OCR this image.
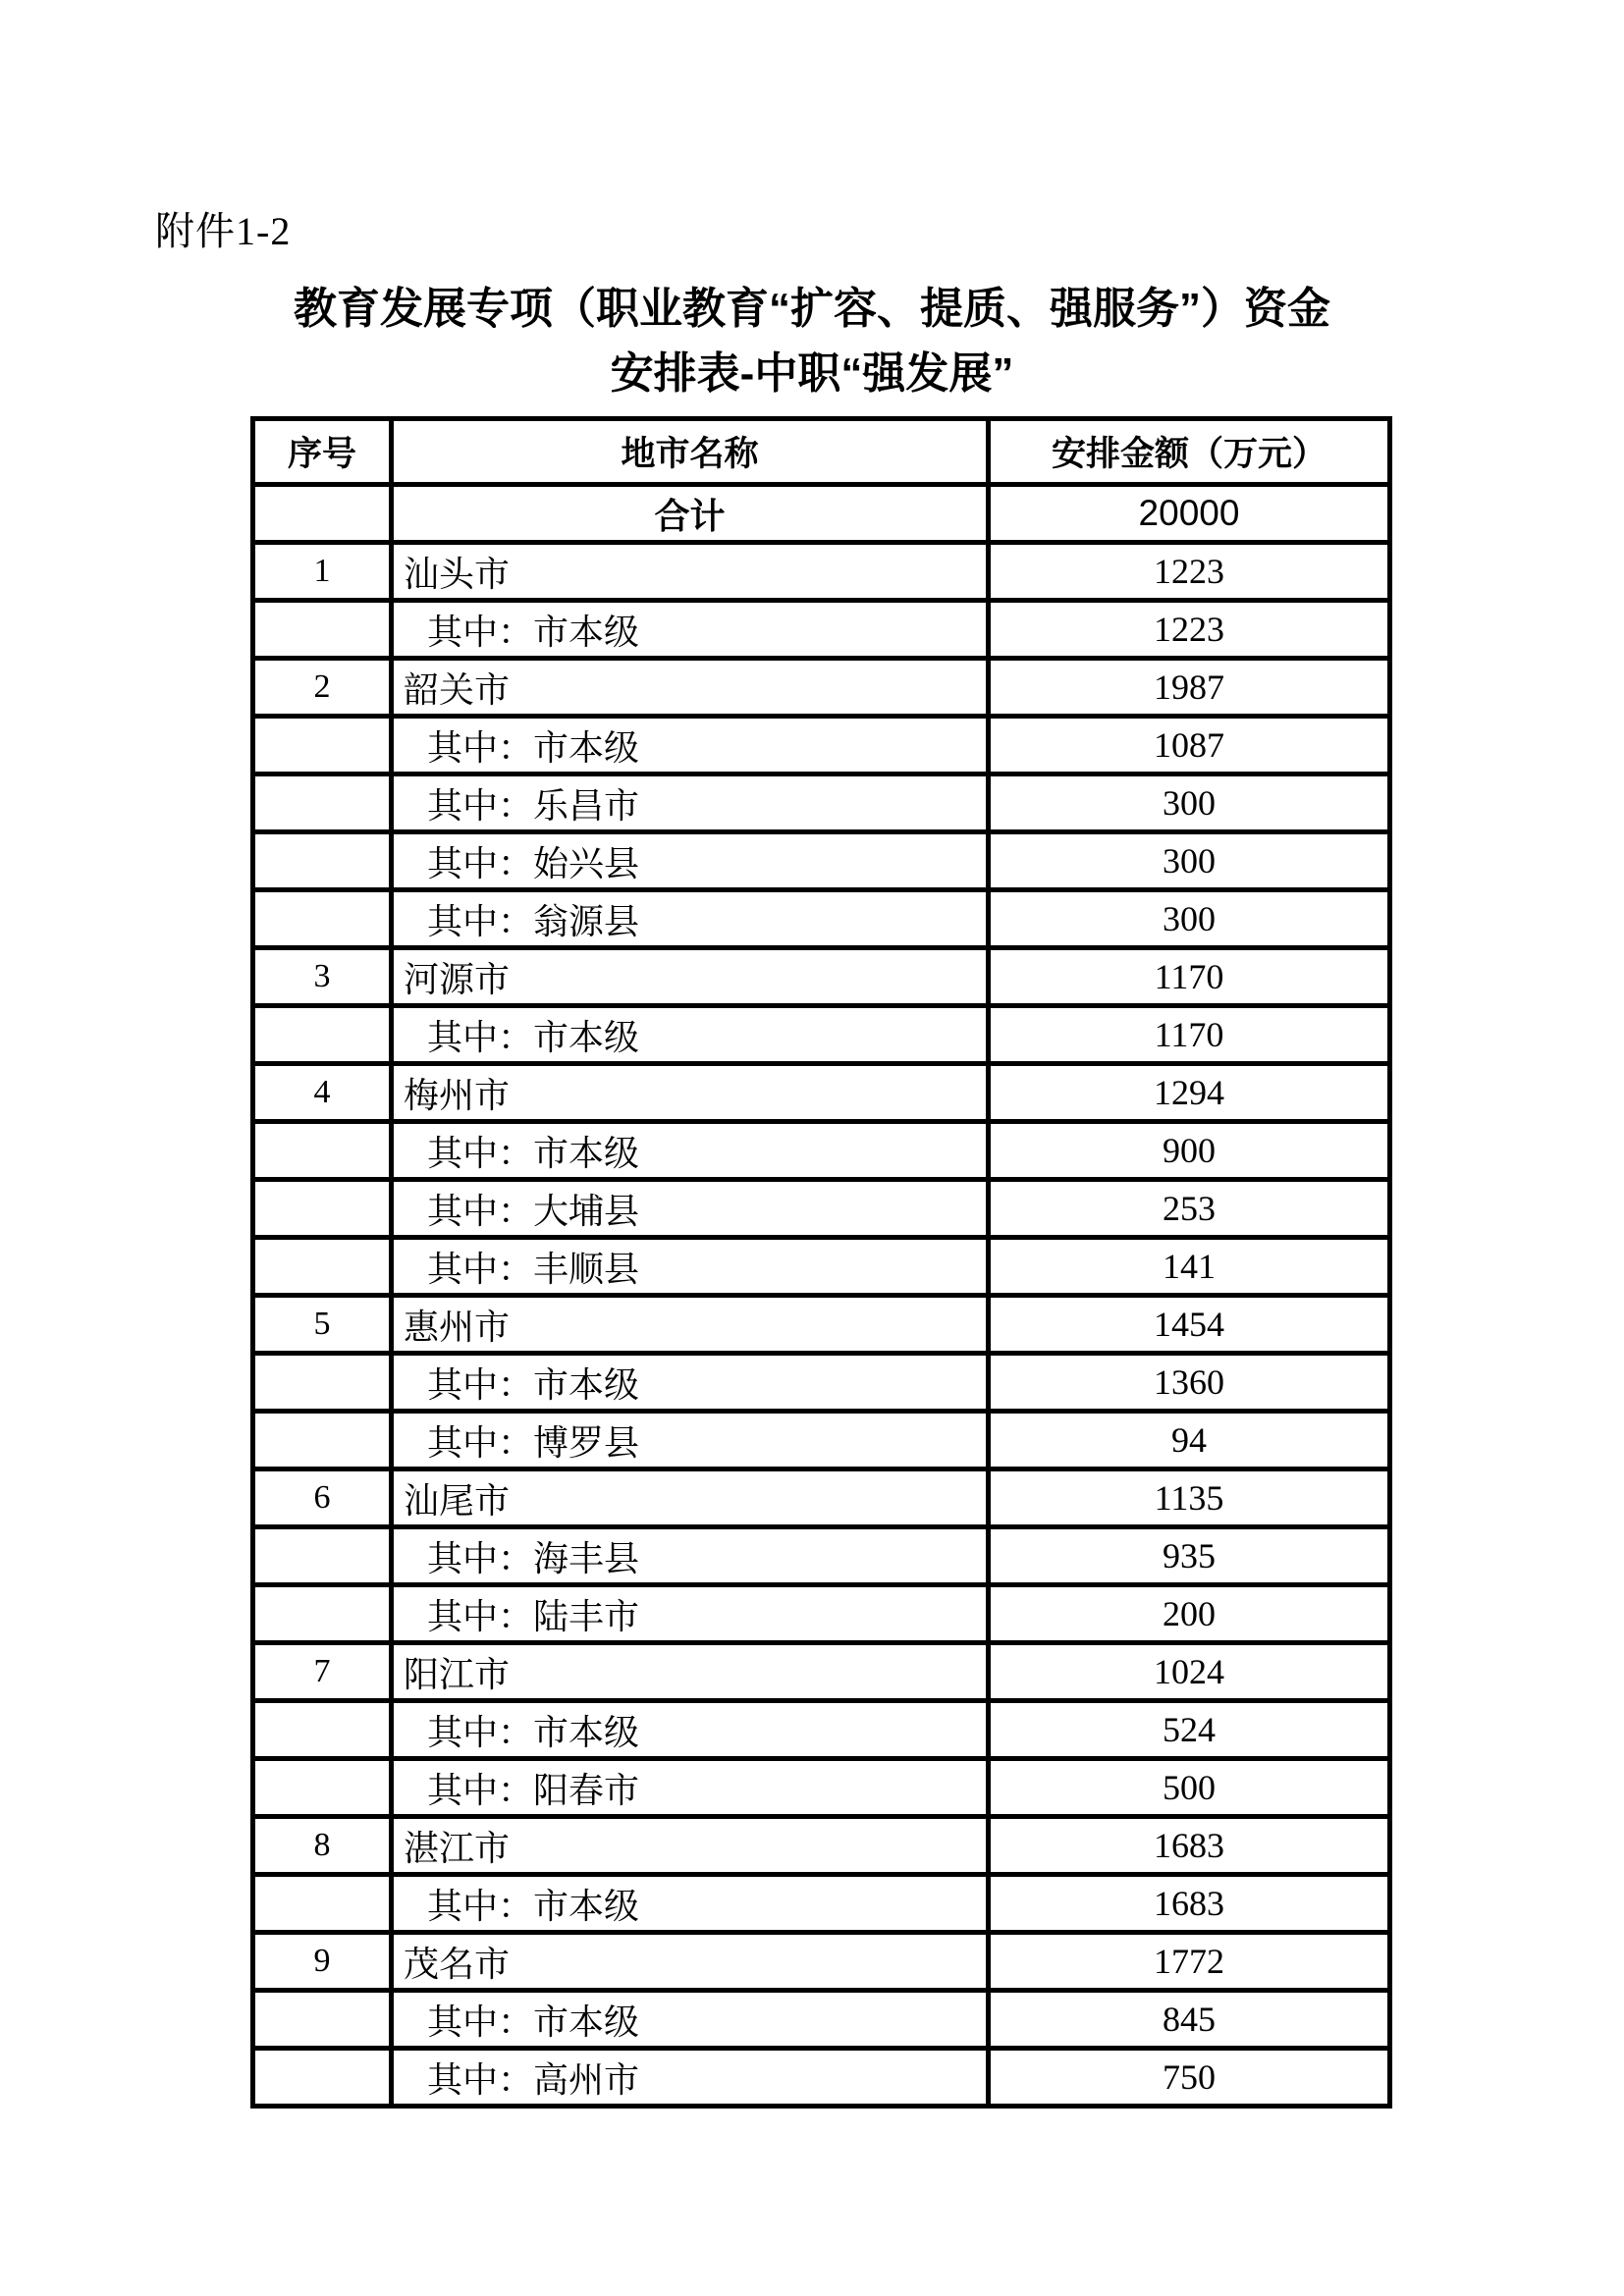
附件1-2
教育发展专项（职业教育“扩容、提质、强服务”）资金
安排表-中职“强发展”
序号	地市名称	安排金额（万元）
	合计	20000
1	汕头市	1223
	其中：市本级	1223
2	韶关市	1987
	其中：市本级	1087
	其中：乐昌市	300
	其中：始兴县	300
	其中：翁源县	300
3	河源市	1170
	其中：市本级	1170
4	梅州市	1294
	其中：市本级	900
	其中：大埔县	253
	其中：丰顺县	141
5	惠州市	1454
	其中：市本级	1360
	其中：博罗县	94
6	汕尾市	1135
	其中：海丰县	935
	其中：陆丰市	200
7	阳江市	1024
	其中：市本级	524
	其中：阳春市	500
8	湛江市	1683
	其中：市本级	1683
9	茂名市	1772
	其中：市本级	845
	其中：高州市	750
